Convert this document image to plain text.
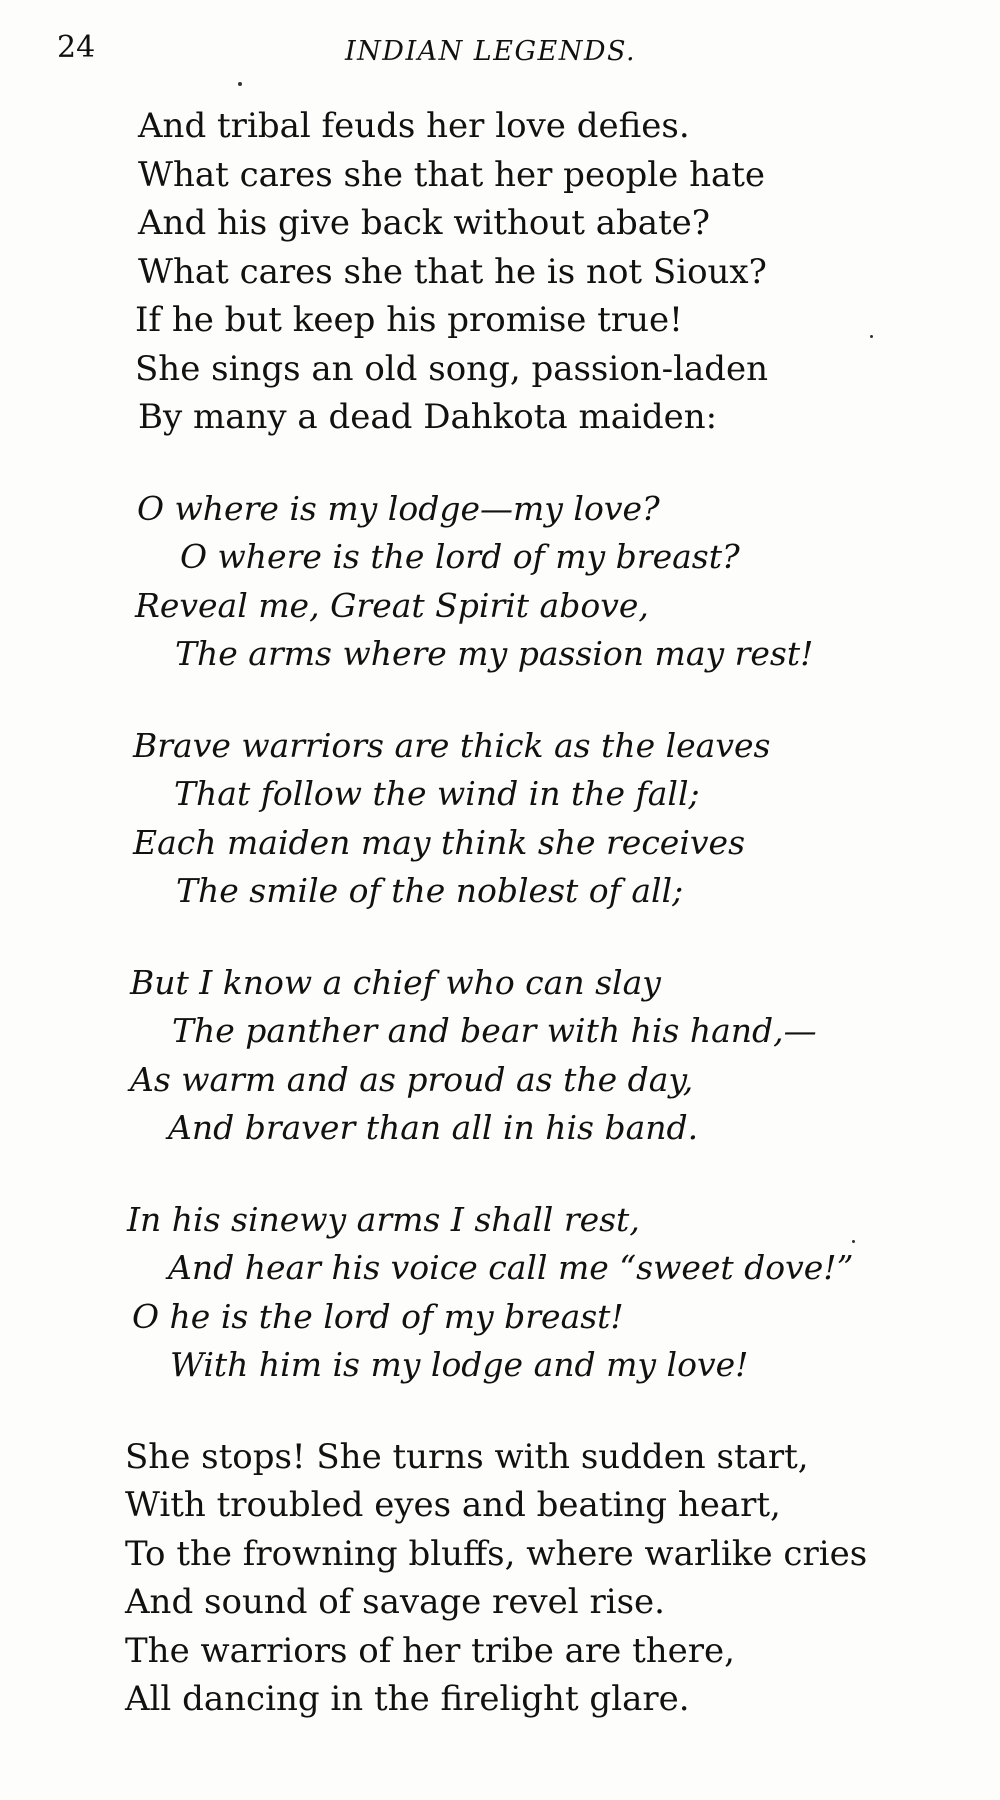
24	INDIAN LEGENDS.
And tribal feuds her love defies.
What cares she that her people hate
And his give back without abate?
What cares she that he is not Sioux?
If he but keep his promise true!
She sings an old song, passion-laden
By many a dead Dahkota maiden:
O where is my lodge—my love?
O where is the lord of my breast?
Reveal me, Great Spirit above,
The arms where my passion may rest!
Brave warriors are thick as the leaves
That follow the wind in the fall;
Each maiden may think she receives
The smile of the noblest of all;
But I know a chief who can slay
The panther and bear with his hand,—
As warm and as proud as the day,
And braver than all in his band.
In his sinewy arms I shall rest,
And hear his voice call me “sweet dove!”
O he is the lord of my breast!
With him is my lodge and my love!
She stops! She turns with sudden start,
With troubled eyes and beating heart,
To the frowning bluffs, where warlike cries
And sound of savage revel rise.
The warriors of her tribe are there,
All dancing in the firelight glare.
